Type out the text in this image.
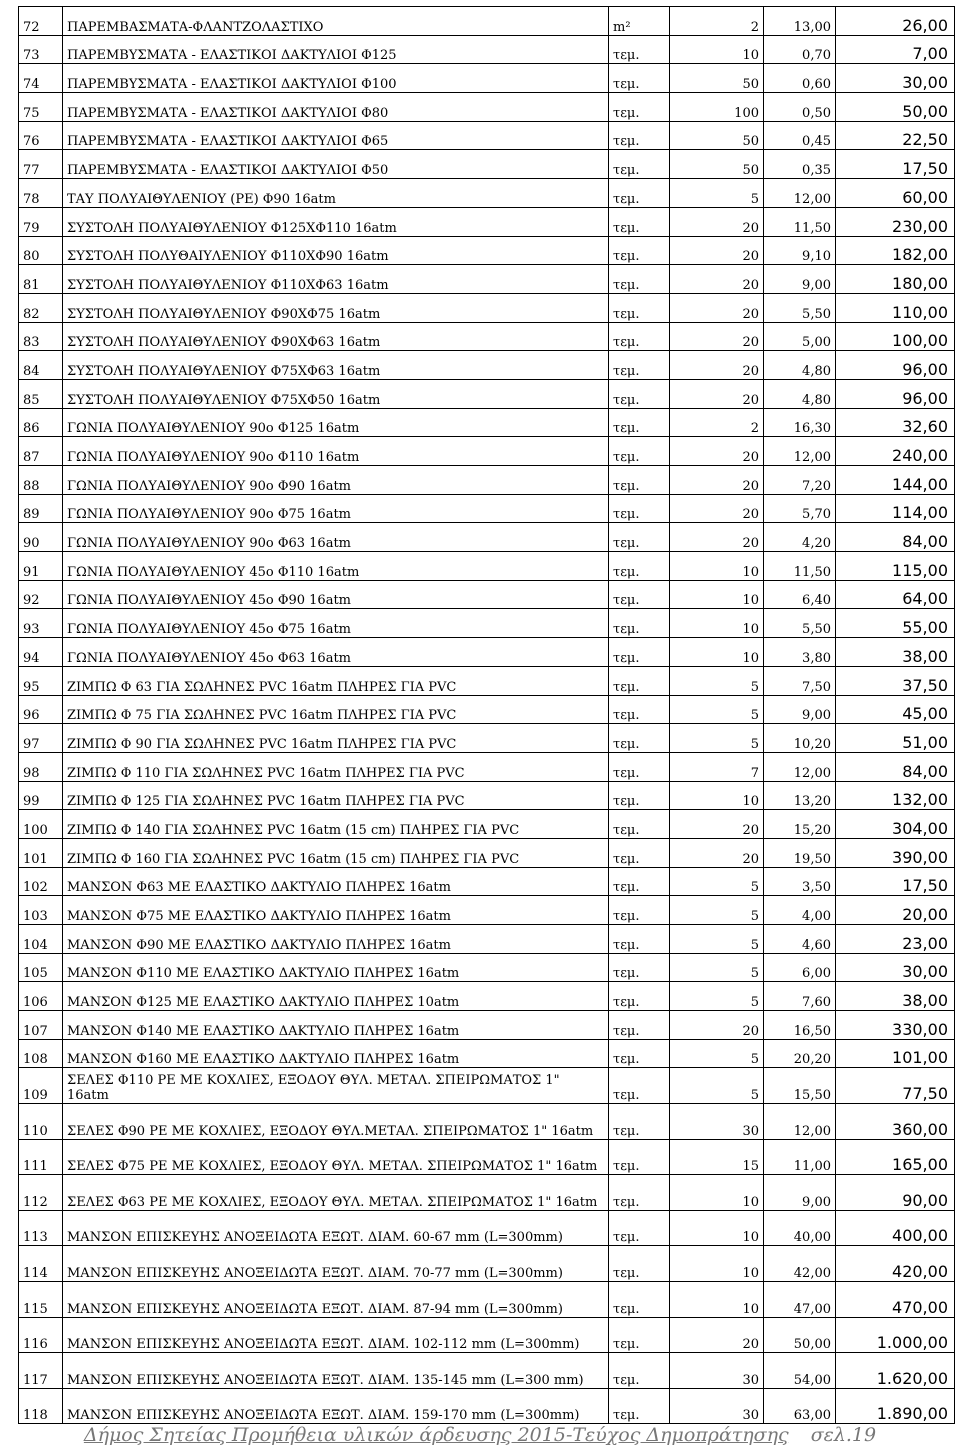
72	ΠΑΡΕΜΒΑΣΜΑΤΑ-ΦΛΑΝΤΖΟΛΑΣΤΙΧΟ	m²	2	13,00	26,00
73	ΠΑΡΕΜΒΥΣΜΑΤΑ - ΕΛΑΣΤΙΚΟΙ ΔΑΚΤΥΛΙΟΙ Φ125	τεμ.	10	0,70	7,00
74	ΠΑΡΕΜΒΥΣΜΑΤΑ - ΕΛΑΣΤΙΚΟΙ ΔΑΚΤΥΛΙΟΙ Φ100	τεμ.	50	0,60	30,00
75	ΠΑΡΕΜΒΥΣΜΑΤΑ - ΕΛΑΣΤΙΚΟΙ ΔΑΚΤΥΛΙΟΙ Φ80	τεμ.	100	0,50	50,00
76	ΠΑΡΕΜΒΥΣΜΑΤΑ - ΕΛΑΣΤΙΚΟΙ ΔΑΚΤΥΛΙΟΙ Φ65	τεμ.	50	0,45	22,50
77	ΠΑΡΕΜΒΥΣΜΑΤΑ - ΕΛΑΣΤΙΚΟΙ ΔΑΚΤΥΛΙΟΙ Φ50	τεμ.	50	0,35	17,50
78	ΤΑΥ ΠΟΛΥΑΙΘΥΛΕΝΙΟΥ (PE) Φ90 16atm	τεμ.	5	12,00	60,00
79	ΣΥΣΤΟΛΗ ΠΟΛΥΑΙΘΥΛΕΝΙΟΥ Φ125ΧΦ110 16atm	τεμ.	20	11,50	230,00
80	ΣΥΣΤΟΛΗ ΠΟΛΥΘΑΙΥΛΕΝΙΟΥ Φ110ΧΦ90 16atm	τεμ.	20	9,10	182,00
81	ΣΥΣΤΟΛΗ ΠΟΛΥΑΙΘΥΛΕΝΙΟΥ Φ110ΧΦ63 16atm	τεμ.	20	9,00	180,00
82	ΣΥΣΤΟΛΗ ΠΟΛΥΑΙΘΥΛΕΝΙΟΥ Φ90ΧΦ75 16atm	τεμ.	20	5,50	110,00
83	ΣΥΣΤΟΛΗ ΠΟΛΥΑΙΘΥΛΕΝΙΟΥ Φ90ΧΦ63 16atm	τεμ.	20	5,00	100,00
84	ΣΥΣΤΟΛΗ ΠΟΛΥΑΙΘΥΛΕΝΙΟΥ Φ75ΧΦ63 16atm	τεμ.	20	4,80	96,00
85	ΣΥΣΤΟΛΗ ΠΟΛΥΑΙΘΥΛΕΝΙΟΥ Φ75ΧΦ50 16atm	τεμ.	20	4,80	96,00
86	ΓΩΝΙΑ ΠΟΛΥΑΙΘΥΛΕΝΙΟΥ 90ο Φ125 16atm	τεμ.	2	16,30	32,60
87	ΓΩΝΙΑ ΠΟΛΥΑΙΘΥΛΕΝΙΟΥ 90ο Φ110 16atm	τεμ.	20	12,00	240,00
88	ΓΩΝΙΑ ΠΟΛΥΑΙΘΥΛΕΝΙΟΥ 90ο Φ90 16atm	τεμ.	20	7,20	144,00
89	ΓΩΝΙΑ ΠΟΛΥΑΙΘΥΛΕΝΙΟΥ 90ο Φ75 16atm	τεμ.	20	5,70	114,00
90	ΓΩΝΙΑ ΠΟΛΥΑΙΘΥΛΕΝΙΟΥ 90ο Φ63 16atm	τεμ.	20	4,20	84,00
91	ΓΩΝΙΑ ΠΟΛΥΑΙΘΥΛΕΝΙΟΥ 45ο Φ110 16atm	τεμ.	10	11,50	115,00
92	ΓΩΝΙΑ ΠΟΛΥΑΙΘΥΛΕΝΙΟΥ 45ο Φ90 16atm	τεμ.	10	6,40	64,00
93	ΓΩΝΙΑ ΠΟΛΥΑΙΘΥΛΕΝΙΟΥ 45ο Φ75 16atm	τεμ.	10	5,50	55,00
94	ΓΩΝΙΑ ΠΟΛΥΑΙΘΥΛΕΝΙΟΥ 45ο Φ63 16atm	τεμ.	10	3,80	38,00
95	ΖΙΜΠΩ Φ 63 ΓΙΑ ΣΩΛΗΝΕΣ PVC 16atm ΠΛΗΡΕΣ ΓΙΑ PVC	τεμ.	5	7,50	37,50
96	ΖΙΜΠΩ Φ 75 ΓΙΑ ΣΩΛΗΝΕΣ PVC 16atm ΠΛΗΡΕΣ ΓΙΑ PVC	τεμ.	5	9,00	45,00
97	ΖΙΜΠΩ Φ 90 ΓΙΑ ΣΩΛΗΝΕΣ PVC 16atm ΠΛΗΡΕΣ ΓΙΑ PVC	τεμ.	5	10,20	51,00
98	ΖΙΜΠΩ Φ 110 ΓΙΑ ΣΩΛΗΝΕΣ PVC 16atm ΠΛΗΡΕΣ ΓΙΑ PVC	τεμ.	7	12,00	84,00
99	ΖΙΜΠΩ Φ 125 ΓΙΑ ΣΩΛΗΝΕΣ PVC 16atm ΠΛΗΡΕΣ ΓΙΑ PVC	τεμ.	10	13,20	132,00
100	ΖΙΜΠΩ Φ 140 ΓΙΑ ΣΩΛΗΝΕΣ PVC 16atm (15 cm) ΠΛΗΡΕΣ ΓΙΑ PVC	τεμ.	20	15,20	304,00
101	ΖΙΜΠΩ Φ 160 ΓΙΑ ΣΩΛΗΝΕΣ PVC 16atm (15 cm) ΠΛΗΡΕΣ ΓΙΑ PVC	τεμ.	20	19,50	390,00
102	ΜΑΝΣΟΝ Φ63 ΜΕ ΕΛΑΣΤΙΚΟ ΔΑΚΤΥΛΙΟ ΠΛΗΡΕΣ 16atm	τεμ.	5	3,50	17,50
103	ΜΑΝΣΟΝ Φ75 ΜΕ ΕΛΑΣΤΙΚΟ ΔΑΚΤΥΛΙΟ ΠΛΗΡΕΣ 16atm	τεμ.	5	4,00	20,00
104	ΜΑΝΣΟΝ Φ90 ΜΕ ΕΛΑΣΤΙΚΟ ΔΑΚΤΥΛΙΟ ΠΛΗΡΕΣ 16atm	τεμ.	5	4,60	23,00
105	ΜΑΝΣΟΝ Φ110 ΜΕ ΕΛΑΣΤΙΚΟ ΔΑΚΤΥΛΙΟ ΠΛΗΡΕΣ 16atm	τεμ.	5	6,00	30,00
106	ΜΑΝΣΟΝ Φ125 ΜΕ ΕΛΑΣΤΙΚΟ ΔΑΚΤΥΛΙΟ ΠΛΗΡΕΣ 10atm	τεμ.	5	7,60	38,00
107	ΜΑΝΣΟΝ Φ140 ΜΕ ΕΛΑΣΤΙΚΟ ΔΑΚΤΥΛΙΟ ΠΛΗΡΕΣ 16atm	τεμ.	20	16,50	330,00
108	ΜΑΝΣΟΝ Φ160 ΜΕ ΕΛΑΣΤΙΚΟ ΔΑΚΤΥΛΙΟ ΠΛΗΡΕΣ 16atm	τεμ.	5	20,20	101,00
109	ΣΕΛΕΣ Φ110 PE ΜΕ ΚΟΧΛΙΕΣ, ΕΞΟΔΟΥ ΘΥΛ. ΜΕΤΑΛ. ΣΠΕΙΡΩΜΑΤΟΣ 1" 16atm	τεμ.	5	15,50	77,50
110	ΣΕΛΕΣ Φ90 PE ΜΕ ΚΟΧΛΙΕΣ, ΕΞΟΔΟΥ ΘΥΛ.ΜΕΤΑΛ. ΣΠΕΙΡΩΜΑΤΟΣ 1" 16atm	τεμ.	30	12,00	360,00
111	ΣΕΛΕΣ Φ75 PE ΜΕ ΚΟΧΛΙΕΣ, ΕΞΟΔΟΥ ΘΥΛ. ΜΕΤΑΛ. ΣΠΕΙΡΩΜΑΤΟΣ 1" 16atm	τεμ.	15	11,00	165,00
112	ΣΕΛΕΣ Φ63 PE ΜΕ ΚΟΧΛΙΕΣ, ΕΞΟΔΟΥ ΘΥΛ. ΜΕΤΑΛ. ΣΠΕΙΡΩΜΑΤΟΣ 1" 16atm	τεμ.	10	9,00	90,00
113	ΜΑΝΣΟΝ ΕΠΙΣΚΕΥΗΣ ΑΝΟΞΕΙΔΩΤΑ ΕΞΩΤ. ΔΙΑΜ. 60-67 mm (L=300mm)	τεμ.	10	40,00	400,00
114	ΜΑΝΣΟΝ ΕΠΙΣΚΕΥΗΣ ΑΝΟΞΕΙΔΩΤΑ ΕΞΩΤ. ΔΙΑΜ. 70-77 mm (L=300mm)	τεμ.	10	42,00	420,00
115	ΜΑΝΣΟΝ ΕΠΙΣΚΕΥΗΣ ΑΝΟΞΕΙΔΩΤΑ ΕΞΩΤ. ΔΙΑΜ. 87-94 mm (L=300mm)	τεμ.	10	47,00	470,00
116	ΜΑΝΣΟΝ ΕΠΙΣΚΕΥΗΣ ΑΝΟΞΕΙΔΩΤΑ ΕΞΩΤ. ΔΙΑΜ. 102-112 mm (L=300mm)	τεμ.	20	50,00	1.000,00
117	ΜΑΝΣΟΝ ΕΠΙΣΚΕΥΗΣ ΑΝΟΞΕΙΔΩΤΑ ΕΞΩΤ. ΔΙΑΜ. 135-145 mm (L=300 mm)	τεμ.	30	54,00	1.620,00
118	ΜΑΝΣΟΝ ΕΠΙΣΚΕΥΗΣ ΑΝΟΞΕΙΔΩΤΑ ΕΞΩΤ. ΔΙΑΜ. 159-170 mm (L=300mm)	τεμ.	30	63,00	1.890,00
Δήμος Σητείας Προμήθεια υλικών άρδευσης 2015-Τεύχος Δημοπράτησης σελ.19
